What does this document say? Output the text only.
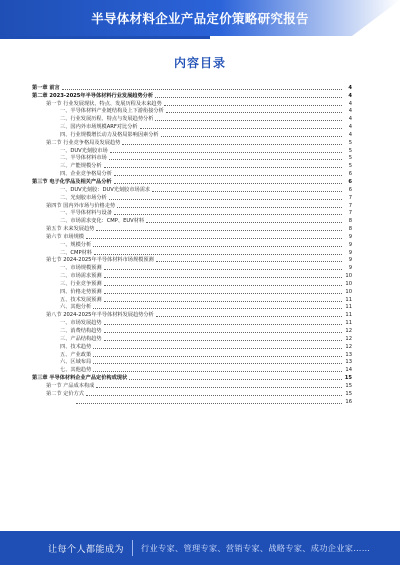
半导体材料企业产品定价策略研究报告
内容目录
第一章 前言	4
第二章 2023-2025年半导体材料行业发展趋势分析	4
第一节 行业发展现状、特点、发展历程及未来趋势	4
一、半导体材料产业链结构及上下游衔接分析	4
二、行业发展历程、特点与发展趋势分析	4
三、国内外市场规模ARF对比分析	4
四、行业规模增长动力及格局影响因素分析	4
第二节 行业竞争格局及发展趋势	5
一、DUV光刻胶市场	5
二、半导体材料市场	5
三、产能规模分析	5
四、企业竞争格局分析	6
第三节 电子化学品及相关产品分析	6
一、DUV光刻胶：DUV光刻胶市场需求	6
二、光刻胶市场分析	7
第四节 国内外市场与价格走势	7
一、半导体材料与设备	7
二、市场需求变化：CMP、EUV材料	8
第五节 未来发展趋势	8
第六节 市场规模	9
一、规模分析	9
二、CMP材料	9
第七节 2024-2025年半导体材料市场规模预测	9
一、市场规模预测	9
二、市场需求预测	10
三、行业竞争预测	10
四、价格走势预测	10
五、技术发展预测	11
六、其他分析	11
第八节 2024-2025年半导体材料发展趋势分析	11
一、市场发展趋势	11
二、消费结构趋势	12
三、产品结构趋势	12
四、技术趋势	12
五、产业政策	13
六、区域布局	13
七、其他趋势	14
第三章 半导体材料企业产品定价构成现状	15
第一节 产品成本构成	15
第二节 定价方式	15
16
让每个人都能成为 行业专家、管理专家、营销专家、战略专家、成功企业家……
